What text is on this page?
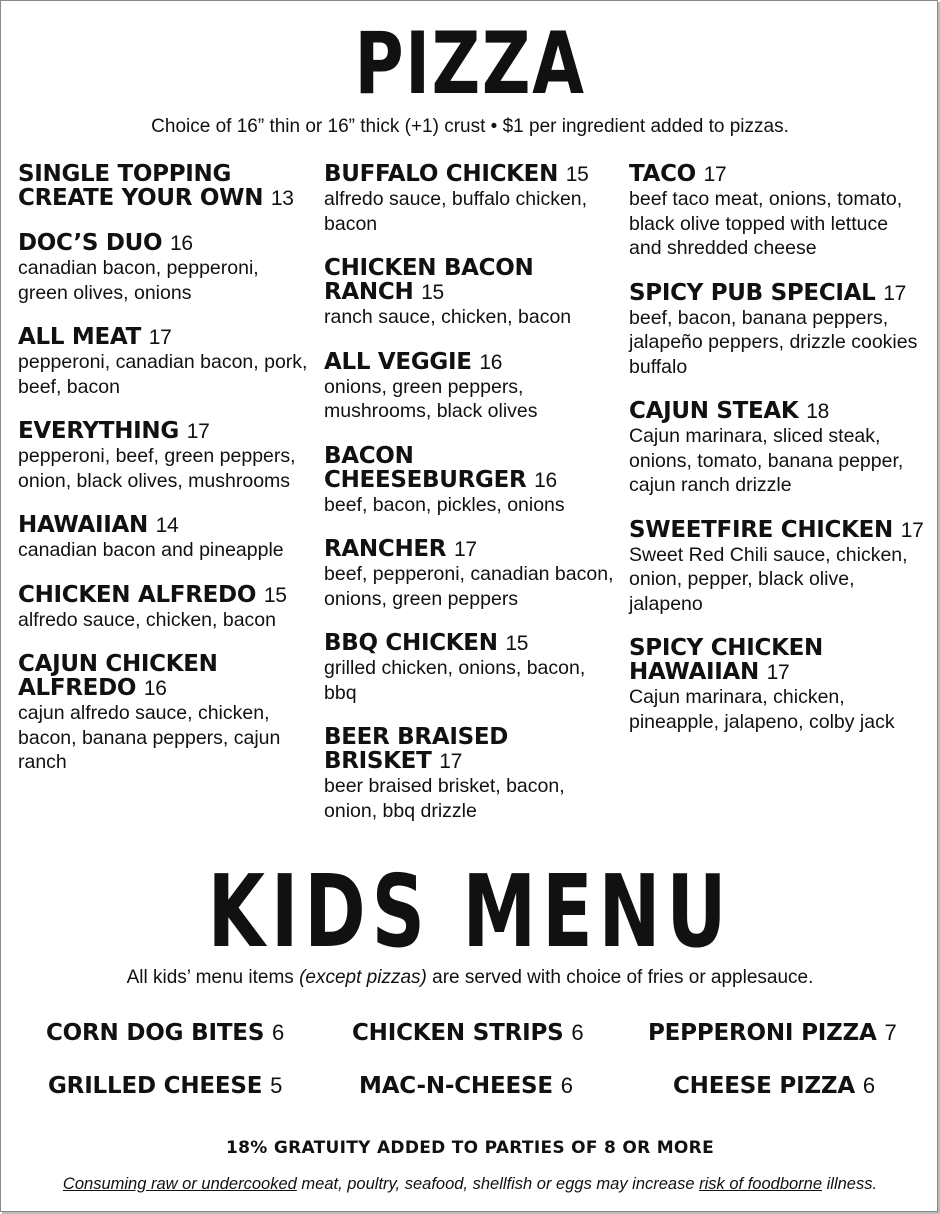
PIZZA
Choice of 16” thin or 16” thick (+1) crust • $1 per ingredient added to pizzas.
SINGLE TOPPING CREATE YOUR OWN 13
DOC’S DUO 16
canadian bacon, pepperoni, green olives, onions
ALL MEAT 17
pepperoni, canadian bacon, pork, beef, bacon
EVERYTHING 17
pepperoni, beef, green peppers, onion, black olives, mushrooms
HAWAIIAN 14
canadian bacon and pineapple
CHICKEN ALFREDO 15
alfredo sauce, chicken, bacon
CAJUN CHICKEN ALFREDO 16
cajun alfredo sauce, chicken, bacon, banana peppers, cajun ranch
BUFFALO CHICKEN 15
alfredo sauce, buffalo chicken, bacon
CHICKEN BACON RANCH 15
ranch sauce, chicken, bacon
ALL VEGGIE 16
onions, green peppers, mushrooms, black olives
BACON CHEESEBURGER 16
beef, bacon, pickles, onions
RANCHER 17
beef, pepperoni, canadian bacon, onions, green peppers
BBQ CHICKEN 15
grilled chicken, onions, bacon, bbq
BEER BRAISED BRISKET 17
beer braised brisket, bacon, onion, bbq drizzle
TACO 17
beef taco meat, onions, tomato, black olive topped with lettuce and shredded cheese
SPICY PUB SPECIAL 17
beef, bacon, banana peppers, jalapeño peppers, drizzle cookies buffalo
CAJUN STEAK 18
Cajun marinara, sliced steak, onions, tomato, banana pepper, cajun ranch drizzle
SWEETFIRE CHICKEN 17
Sweet Red Chili sauce, chicken, onion, pepper, black olive, jalapeno
SPICY CHICKEN HAWAIIAN 17
Cajun marinara, chicken, pineapple, jalapeno, colby jack
KIDS MENU
All kids’ menu items (except pizzas) are served with choice of fries or applesauce.
CORN DOG BITES 6	CHICKEN STRIPS 6	PEPPERONI PIZZA 7
GRILLED CHEESE 5	MAC-N-CHEESE 6	CHEESE PIZZA 6
18% GRATUITY ADDED TO PARTIES OF 8 OR MORE
Consuming raw or undercooked meat, poultry, seafood, shellfish or eggs may increase risk of foodborne illness.
